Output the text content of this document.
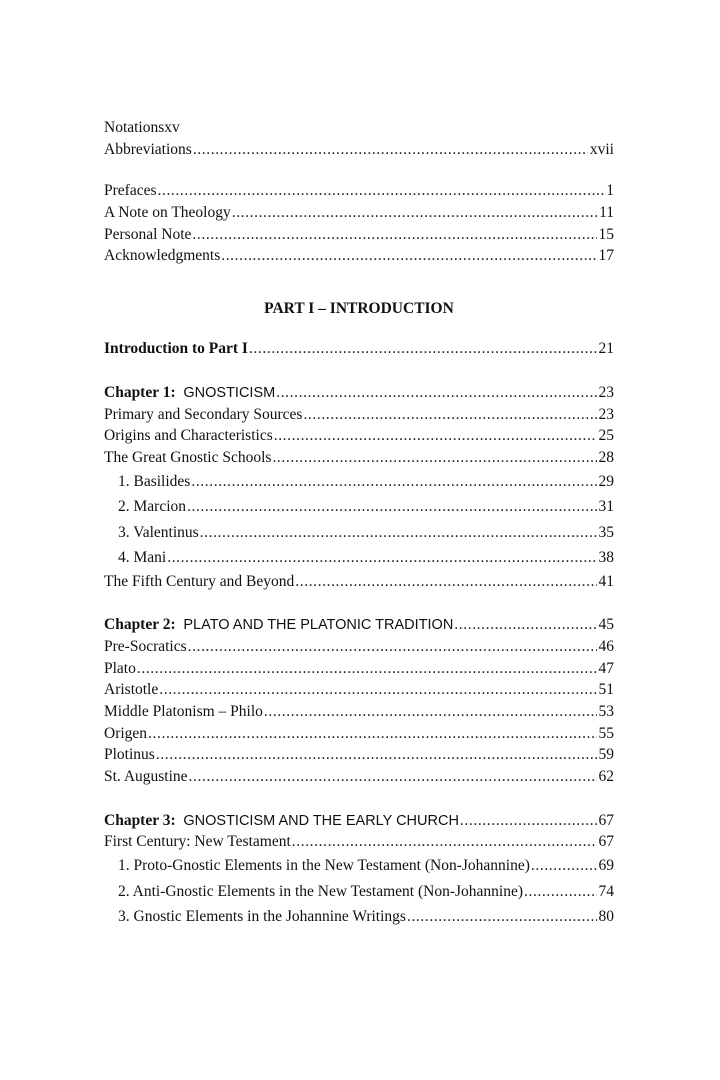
Notationsxv
Abbreviations .....	xvii
Prefaces .....	1
A Note on Theology .....	11
Personal Note .....	15
Acknowledgments .....	17
PART I – INTRODUCTION
Introduction to Part I .....	21
Chapter 1: GNOSTICISM .....	23
Primary and Secondary Sources .....	23
Origins and Characteristics .....	25
The Great Gnostic Schools .....	28
1. Basilides .....	29
2. Marcion .....	31
3. Valentinus .....	35
4. Mani .....	38
The Fifth Century and Beyond .....	41
Chapter 2: PLATO AND THE PLATONIC TRADITION .....	45
Pre-Socratics .....	46
Plato .....	47
Aristotle .....	51
Middle Platonism – Philo .....	53
Origen .....	55
Plotinus .....	59
St. Augustine .....	62
Chapter 3: GNOSTICISM AND THE EARLY CHURCH .....	67
First Century: New Testament .....	67
1. Proto-Gnostic Elements in the New Testament (Non-Johannine) .....	69
2. Anti-Gnostic Elements in the New Testament (Non-Johannine) .....	74
3. Gnostic Elements in the Johannine Writings .....	80
